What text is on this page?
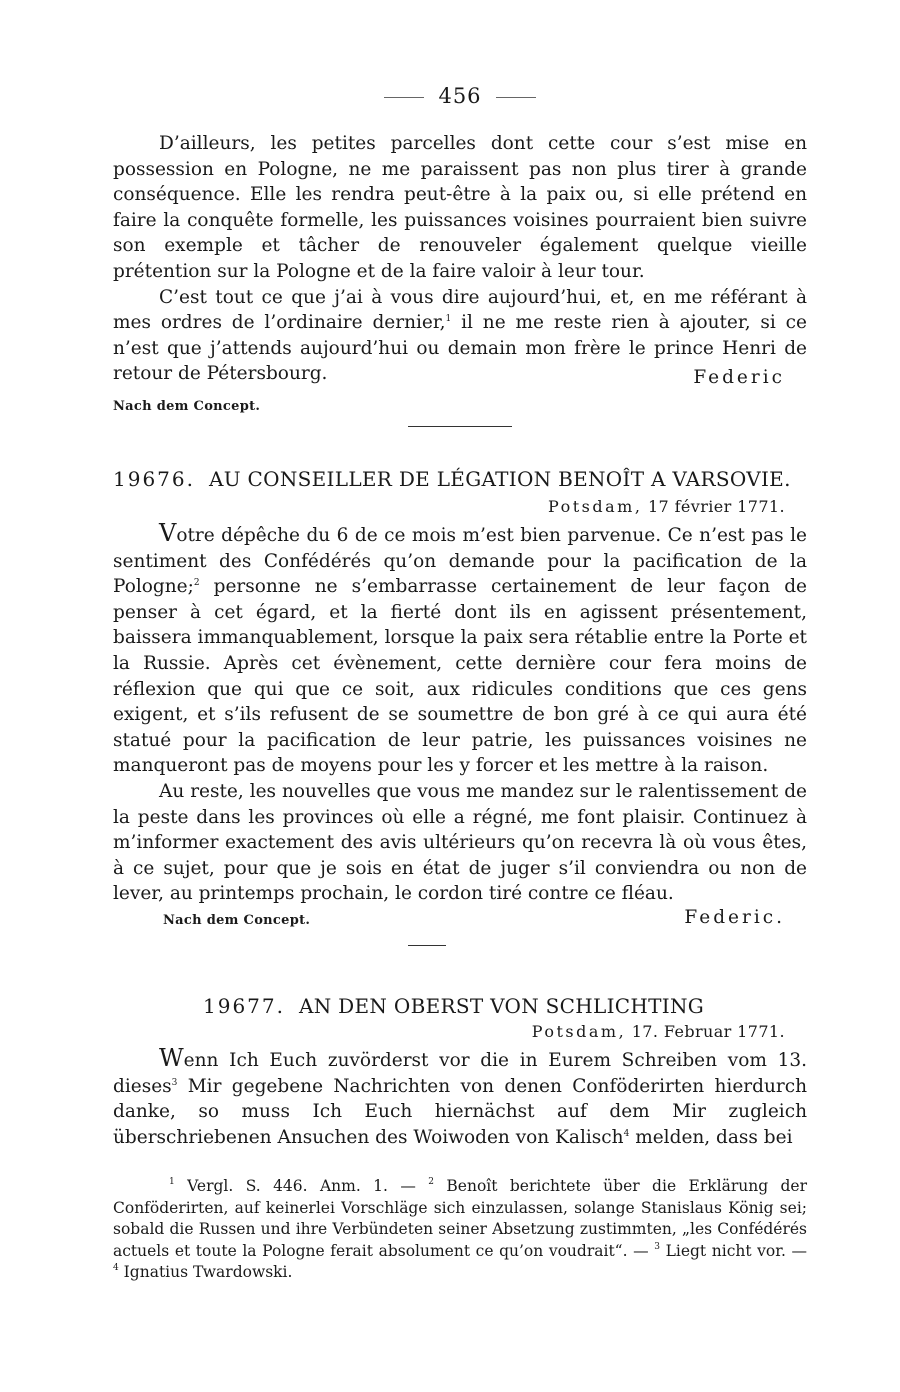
456

D’ailleurs, les petites parcelles dont cette cour s’est mise en possession en Pologne, ne me paraissent pas non plus tirer à grande conséquence. Elle les rendra peut-être à la paix ou, si elle prétend en faire la conquête formelle, les puissances voisines pourraient bien suivre son exemple et tâcher de renouveler également quelque vieille prétention sur la Pologne et de la faire valoir à leur tour.

C’est tout ce que j’ai à vous dire aujourd’hui, et, en me référant à mes ordres de l’ordinaire dernier,$^1$ il ne me reste rien à ajouter, si ce n’est que j’attends aujourd’hui ou demain mon frère le prince Henri de retour de Pétersbourg.	Federic
Nach dem Concept.
19676. AU CONSEILLER DE LÉGATION BENOÎT A VARSOVIE.
Potsdam, 17 février 1771.

Votre dépêche du 6 de ce mois m’est bien parvenue. Ce n’est pas le sentiment des Confédérés qu’on demande pour la pacification de la Pologne;$^2$ personne ne s’embarrasse certainement de leur façon de penser à cet égard, et la fierté dont ils en agissent présentement, baissera immanquablement, lorsque la paix sera rétablie entre la Porte et la Russie. Après cet évènement, cette dernière cour fera moins de réflexion que qui que ce soit, aux ridicules conditions que ces gens exigent, et s’ils refusent de se soumettre de bon gré à ce qui aura été statué pour la pacification de leur patrie, les puissances voisines ne manqueront pas de moyens pour les y forcer et les mettre à la raison.

Au reste, les nouvelles que vous me mandez sur le ralentissement de la peste dans les provinces où elle a régné, me font plaisir. Continuez à m’informer exactement des avis ultérieurs qu’on recevra là où vous êtes, à ce sujet, pour que je sois en état de juger s’il conviendra ou non de lever, au printemps prochain, le cordon tiré contre ce fléau.

Nach dem Concept.	Federic.
19677. AN DEN OBERST VON SCHLICHTING
Potsdam, 17. Februar 1771.

Wenn Ich Euch zuvörderst vor die in Eurem Schreiben vom 13. dieses$^3$ Mir gegebene Nachrichten von denen Conföderirten hierdurch danke, so muss Ich Euch hiernächst auf dem Mir zugleich überschriebenen Ansuchen des Woiwoden von Kalisch$^4$ melden, dass bei

$^1$ Vergl. S. 446. Anm. 1. — $^2$ Benoît berichtete über die Erklärung der Conföderirten, auf keinerlei Vorschläge sich einzulassen, solange Stanislaus König sei; sobald die Russen und ihre Verbündeten seiner Absetzung zustimmten, „les Confédérés actuels et toute la Pologne ferait absolument ce qu’on voudrait“. — $^3$ Liegt nicht vor. — $^4$ Ignatius Twardowski.
